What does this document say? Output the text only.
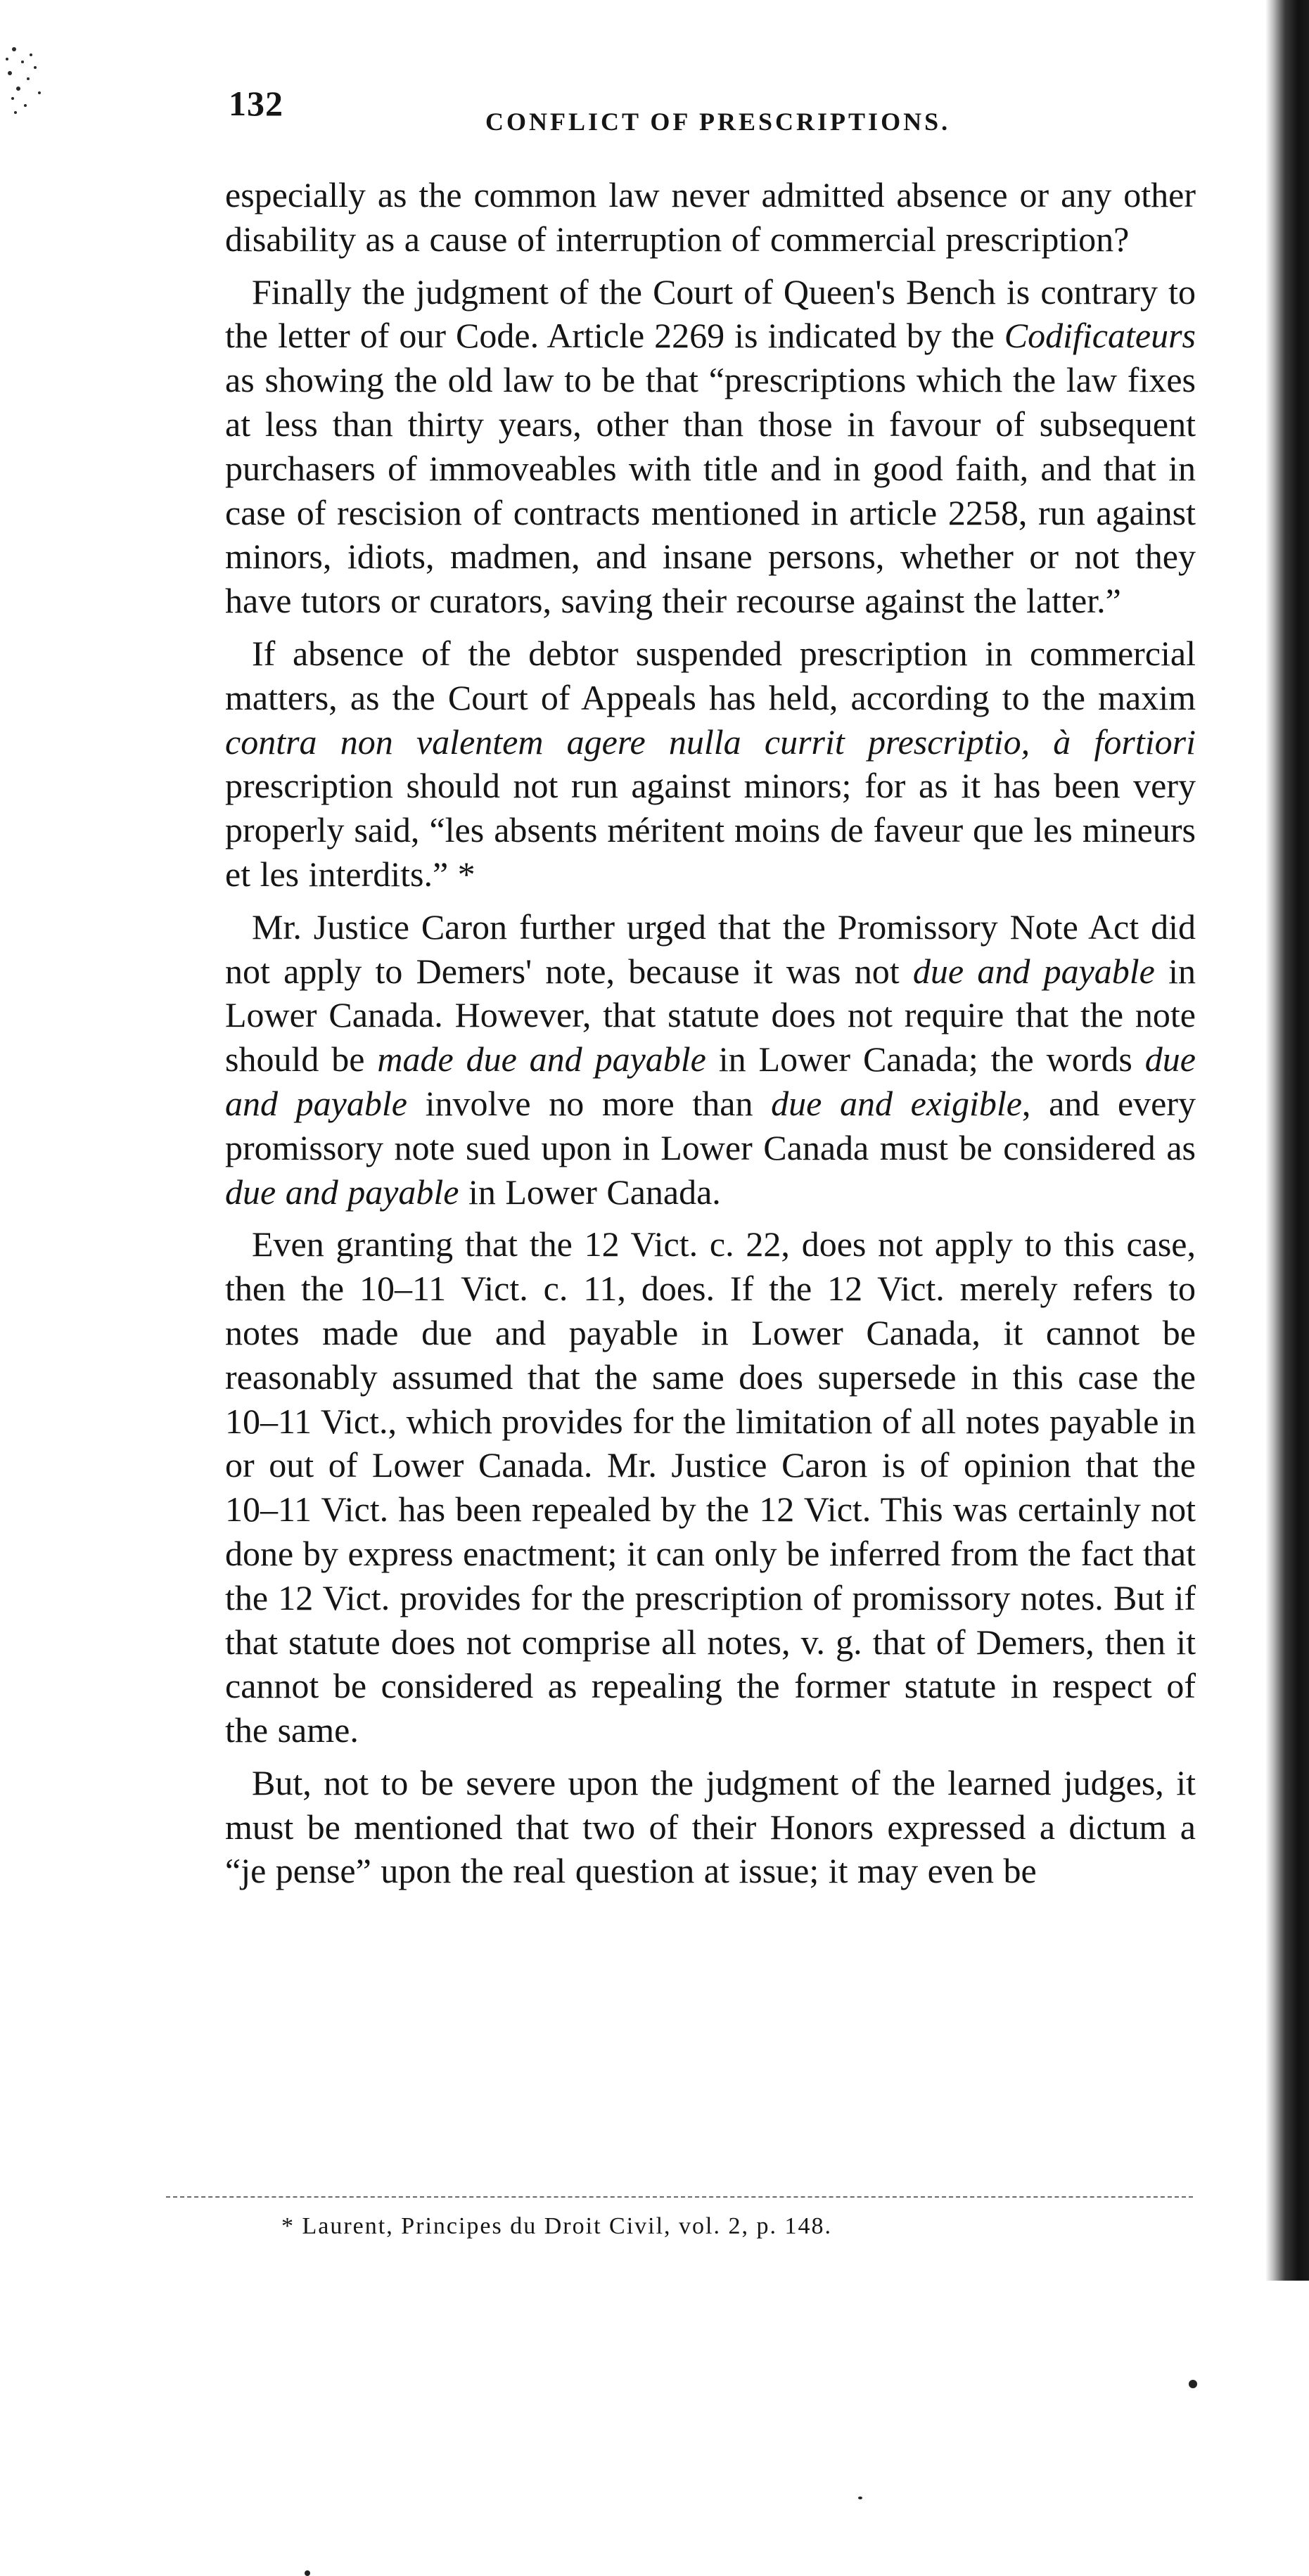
132	CONFLICT OF PRESCRIPTIONS.

especially as the common law never admitted absence or any other disability as a cause of interruption of commercial prescription?

Finally the judgment of the Court of Queen's Bench is contrary to the letter of our Code. Article 2269 is indicated by the Codificateurs as showing the old law to be that “prescriptions which the law fixes at less than thirty years, other than those in favour of subsequent purchasers of immoveables with title and in good faith, and that in case of rescision of contracts mentioned in article 2258, run against minors, idiots, madmen, and insane persons, whether or not they have tutors or curators, saving their recourse against the latter.”

If absence of the debtor suspended prescription in commercial matters, as the Court of Appeals has held, according to the maxim contra non valentem agere nulla currit prescriptio, à fortiori prescription should not run against minors; for as it has been very properly said, “les absents méritent moins de faveur que les mineurs et les interdits.” *

Mr. Justice Caron further urged that the Promissory Note Act did not apply to Demers' note, because it was not due and payable in Lower Canada. However, that statute does not require that the note should be made due and payable in Lower Canada; the words due and payable involve no more than due and exigible, and every promissory note sued upon in Lower Canada must be considered as due and payable in Lower Canada.

Even granting that the 12 Vict. c. 22, does not apply to this case, then the 10–11 Vict. c. 11, does. If the 12 Vict. merely refers to notes made due and payable in Lower Canada, it cannot be reasonably assumed that the same does supersede in this case the 10–11 Vict., which provides for the limitation of all notes payable in or out of Lower Canada. Mr. Justice Caron is of opinion that the 10–11 Vict. has been repealed by the 12 Vict. This was certainly not done by express enactment; it can only be inferred from the fact that the 12 Vict. provides for the prescription of promissory notes. But if that statute does not comprise all notes, v. g. that of Demers, then it cannot be considered as repealing the former statute in respect of the same.

But, not to be severe upon the judgment of the learned judges, it must be mentioned that two of their Honors expressed a dictum a “je pense” upon the real question at issue; it may even be

* Laurent, Principes du Droit Civil, vol. 2, p. 148.
